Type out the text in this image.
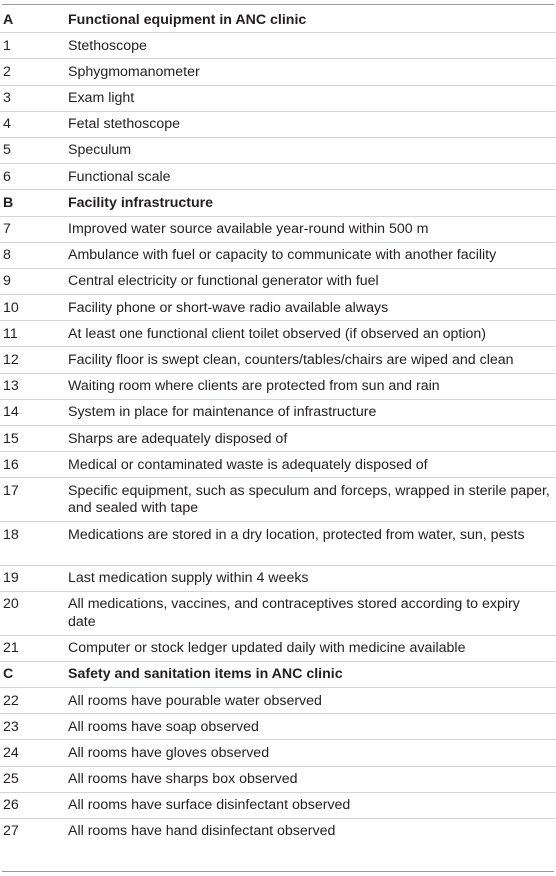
A	Functional equipment in ANC clinic
1	Stethoscope
2	Sphygmomanometer
3	Exam light
4	Fetal stethoscope
5	Speculum
6	Functional scale
B	Facility infrastructure
7	Improved water source available year-round within 500 m
8	Ambulance with fuel or capacity to communicate with another facility
9	Central electricity or functional generator with fuel
10	Facility phone or short-wave radio available always
11	At least one functional client toilet observed (if observed an option)
12	Facility floor is swept clean, counters/tables/chairs are wiped and clean
13	Waiting room where clients are protected from sun and rain
14	System in place for maintenance of infrastructure
15	Sharps are adequately disposed of
16	Medical or contaminated waste is adequately disposed of
17	Specific equipment, such as speculum and forceps, wrapped in sterile paper, and sealed with tape
18	Medications are stored in a dry location, protected from water, sun, pests
19	Last medication supply within 4 weeks
20	All medications, vaccines, and contraceptives stored according to expiry date
21	Computer or stock ledger updated daily with medicine available
C	Safety and sanitation items in ANC clinic
22	All rooms have pourable water observed
23	All rooms have soap observed
24	All rooms have gloves observed
25	All rooms have sharps box observed
26	All rooms have surface disinfectant observed
27	All rooms have hand disinfectant observed
